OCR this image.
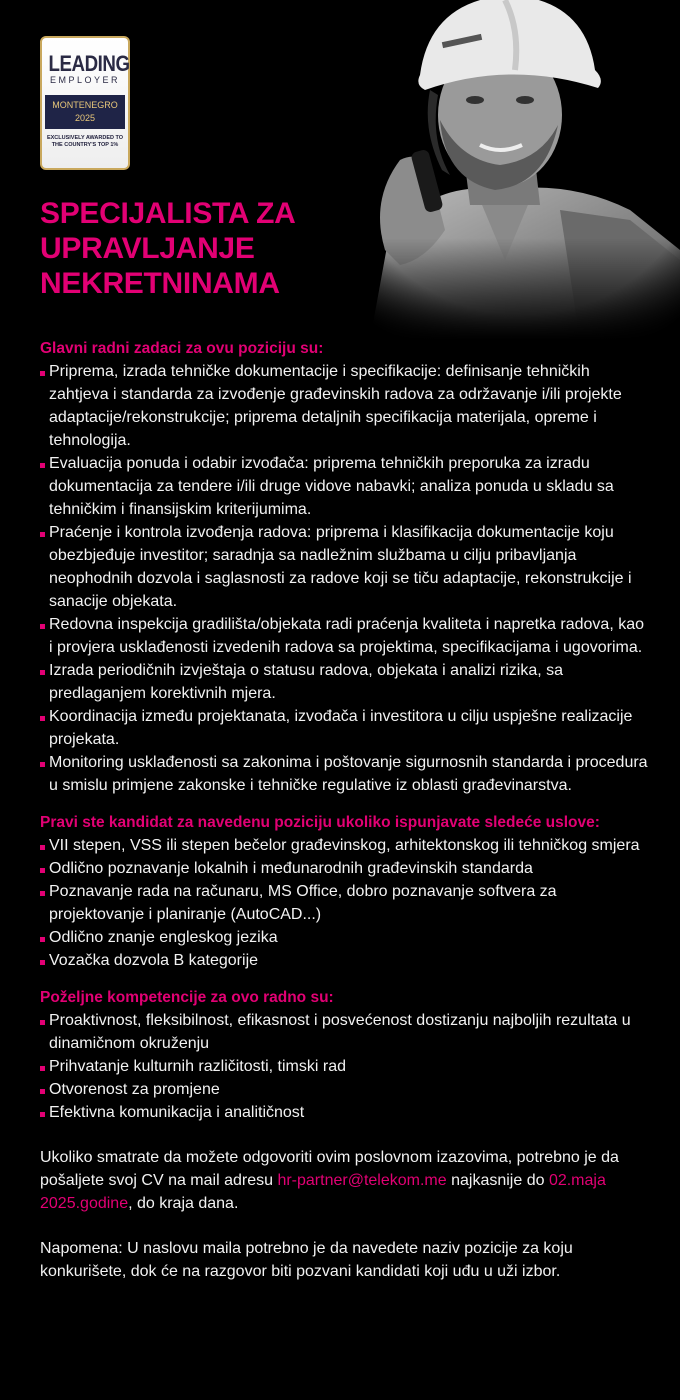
LEADING
EMPLOYER
MONTENEGRO
2025
EXCLUSIVELY AWARDED TO THE COUNTRY'S TOP 1%
SPECIJALISTA ZA UPRAVLJANJE NEKRETNINAMA
Glavni radni zadaci za ovu poziciju su:
Priprema, izrada tehničke dokumentacije i specifikacije: definisanje tehničkih zahtjeva i standarda za izvođenje građevinskih radova za održavanje i/ili projekte adaptacije/rekonstrukcije; priprema detaljnih specifikacija materijala, opreme i tehnologija.
Evaluacija ponuda i odabir izvođača: priprema tehničkih preporuka za izradu dokumentacija za tendere i/ili druge vidove nabavki; analiza ponuda u skladu sa tehničkim i finansijskim kriterijumima.
Praćenje i kontrola izvođenja radova: priprema i klasifikacija dokumentacije koju obezbjeđuje investitor; saradnja sa nadležnim službama u cilju pribavljanja neophodnih dozvola i saglasnosti za radove koji se tiču adaptacije, rekonstrukcije i sanacije objekata.
Redovna inspekcija gradilišta/objekata radi praćenja kvaliteta i napretka radova, kao i provjera usklađenosti izvedenih radova sa projektima, specifikacijama i ugovorima.
Izrada periodičnih izvještaja o statusu radova, objekata i analizi rizika, sa predlaganjem korektivnih mjera.
Koordinacija između projektanata, izvođača i investitora u cilju uspješne realizacije projekata.
Monitoring usklađenosti sa zakonima i poštovanje sigurnosnih standarda i procedura u smislu primjene zakonske i tehničke regulative iz oblasti građevinarstva.
Pravi ste kandidat za navedenu poziciju ukoliko ispunjavate sledeće uslove:
VII stepen, VSS ili stepen bečelor građevinskog, arhitektonskog ili tehničkog smjera
Odlično poznavanje lokalnih i međunarodnih građevinskih standarda
Poznavanje rada na računaru, MS Office, dobro poznavanje softvera za projektovanje i planiranje (AutoCAD...)
Odlično znanje engleskog jezika
Vozačka dozvola B kategorije
Poželjne kompetencije za ovo radno su:
Proaktivnost, fleksibilnost, efikasnost i posvećenost dostizanju najboljih rezultata u dinamičnom okruženju
Prihvatanje kulturnih različitosti, timski rad
Otvorenost za promjene
Efektivna komunikacija i analitičnost
Ukoliko smatrate da možete odgovoriti ovim poslovnom izazovima, potrebno je da pošaljete svoj CV na mail adresu hr-partner@telekom.me najkasnije do 02.maja 2025.godine, do kraja dana.
Napomena: U naslovu maila potrebno je da navedete naziv pozicije za koju konkurišete, dok će na razgovor biti pozvani kandidati koji uđu u uži izbor.
